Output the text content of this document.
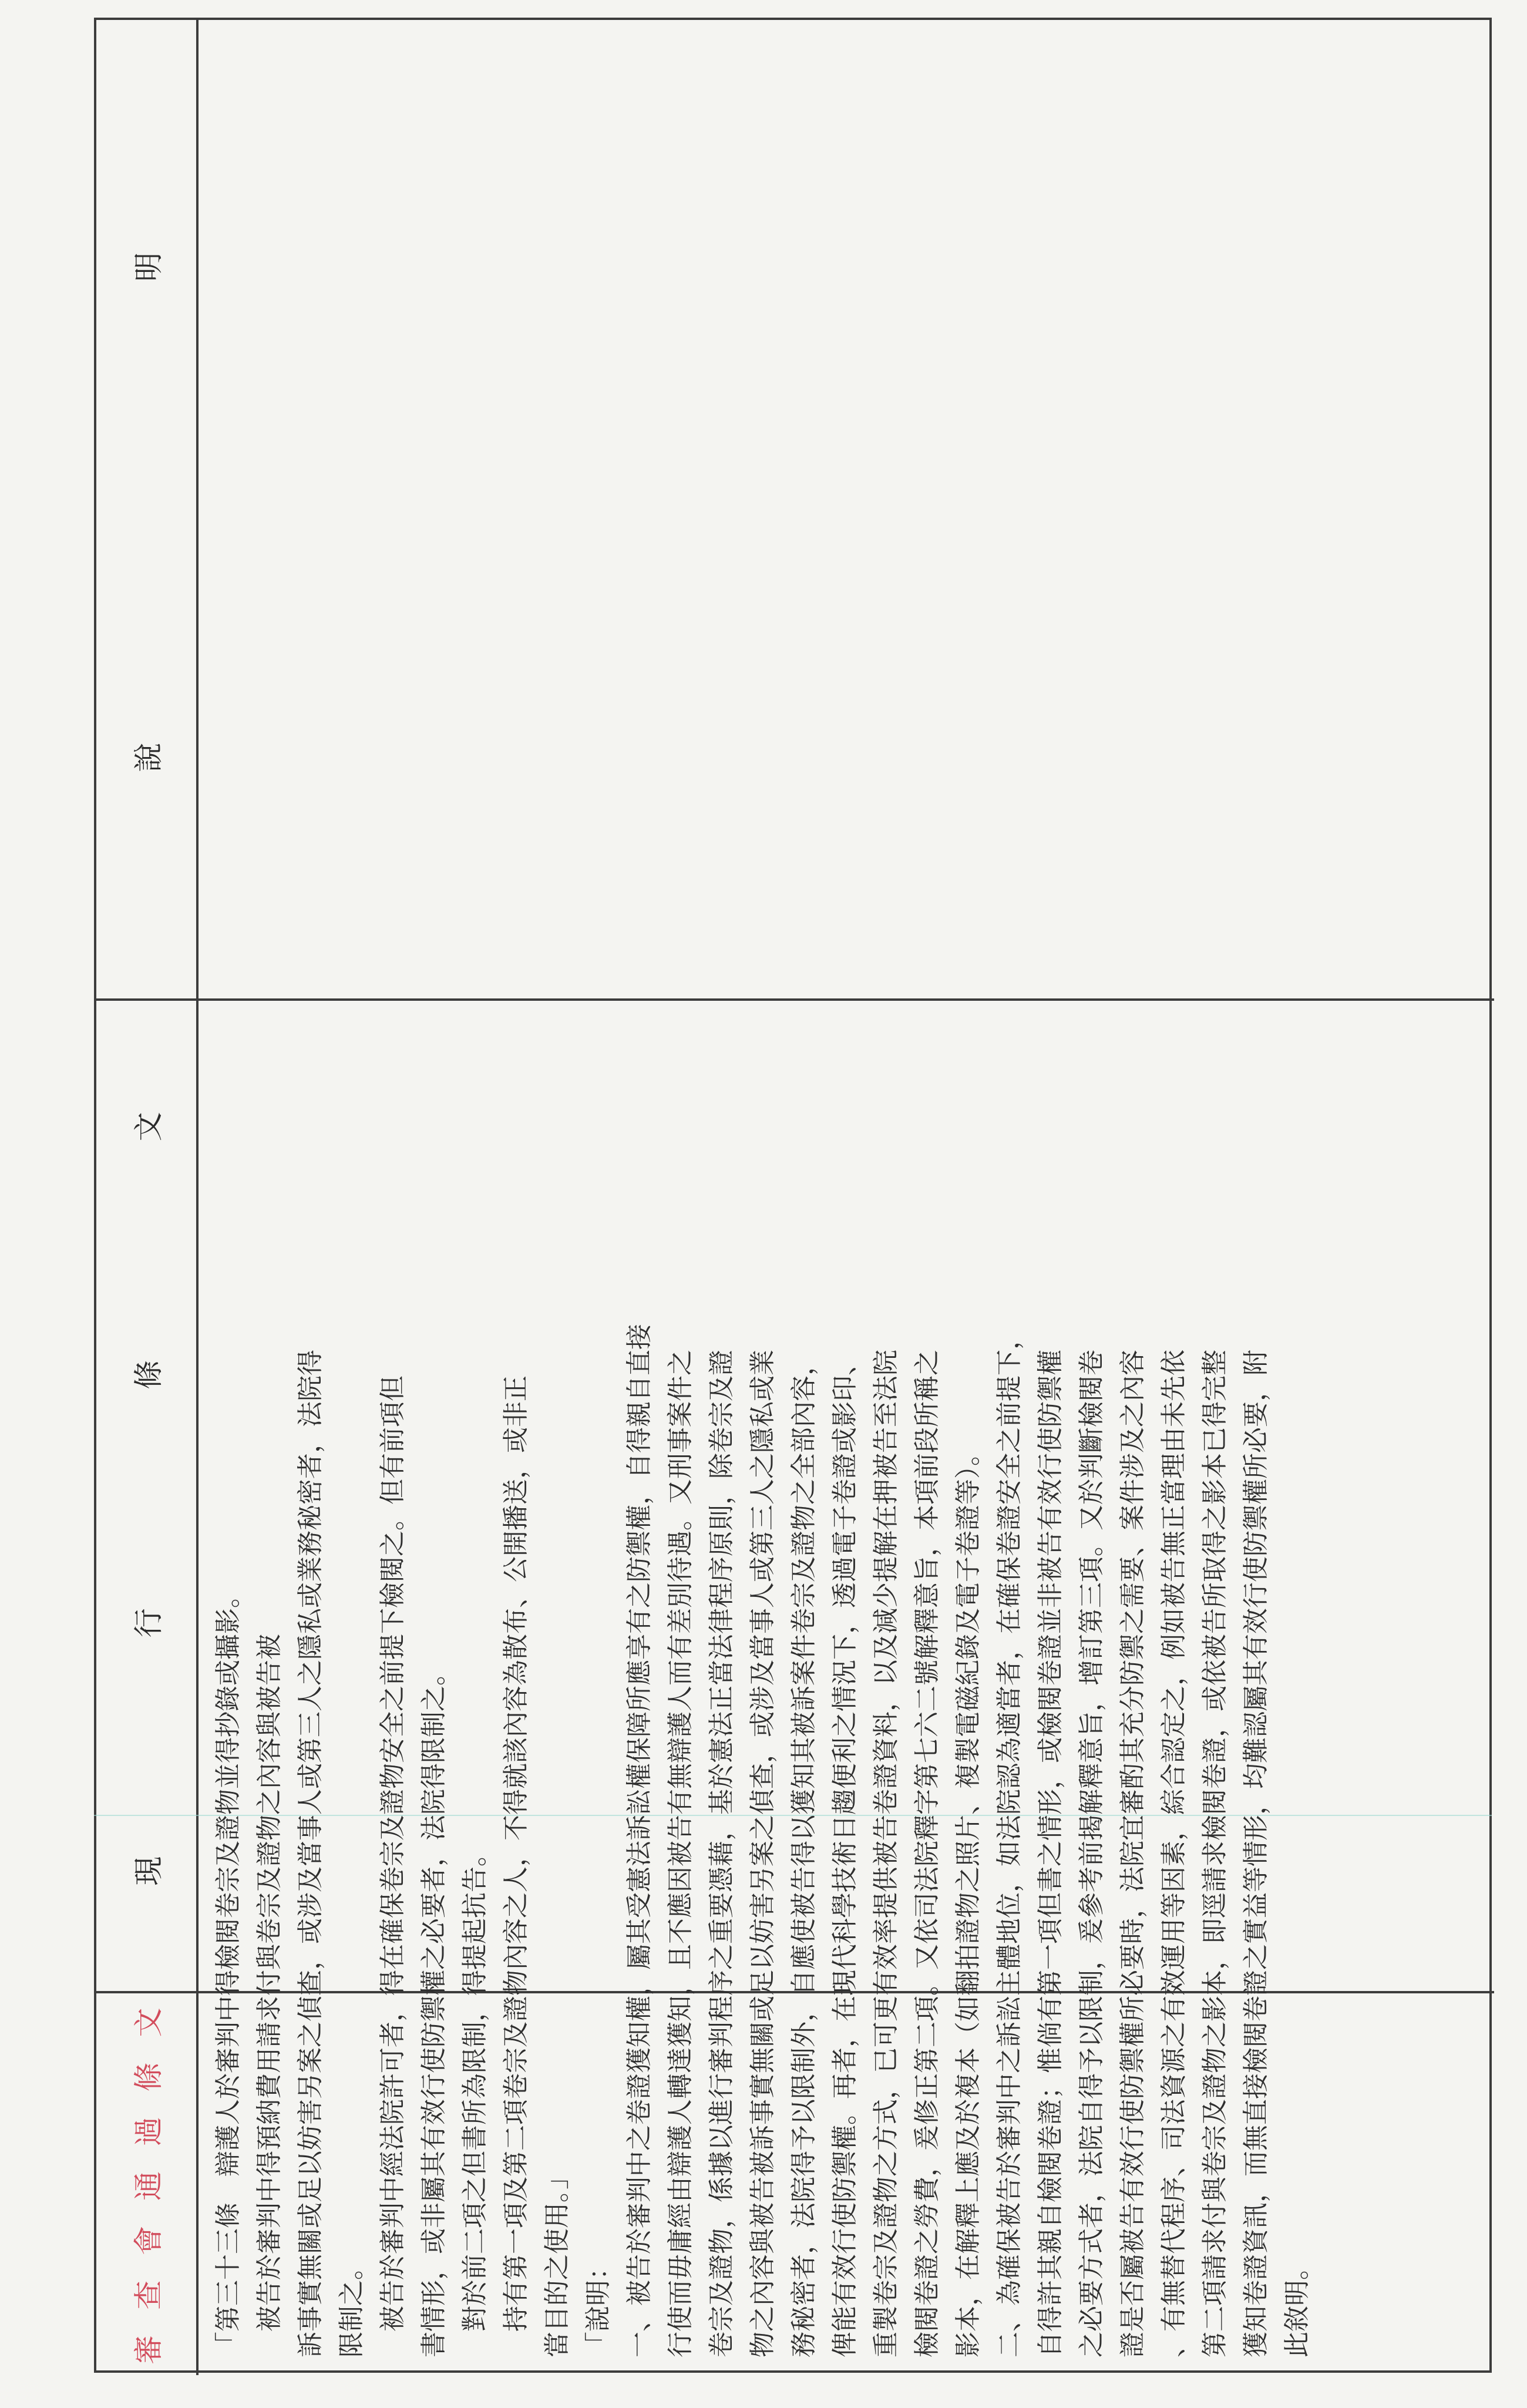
審
查
會
通
過
條
文
現
行
條
文
說
明
「第三十三條　辯護人於審判中得檢閱卷宗及證物並得抄錄或攝影。 　被告於審判中得預納費用請求付與卷宗及證物之內容與被告被 訴事實無關或足以妨害另案之偵查，或涉及當事人或第三人之隱私或業務秘密者，法院得 限制之。 　被告於審判中經法院許可者，得在確保卷宗及證物安全之前提下檢閱之。但有前項但 書情形，或非屬其有效行使防禦權之必要者，法院得限制之。 　對於前二項之但書所為限制，得提起抗告。 　持有第一項及第二項卷宗及證物內容之人，不得就該內容為散布、公開播送，或非正 當目的之使用。」 「說明： 一、被告於審判中之卷證獲知權，屬其受憲法訴訟權保障所應享有之防禦權，自得親自直接 行使而毋庸經由辯護人轉達獲知，且不應因被告有無辯護人而有差別待遇。又刑事案件之 卷宗及證物，係據以進行審判程序之重要憑藉，基於憲法正當法律程序原則，除卷宗及證 物之內容與被告被訴事實無關或足以妨害另案之偵查，或涉及當事人或第三人之隱私或業 務秘密者，法院得予以限制外，自應使被告得以獲知其被訴案件卷宗及證物之全部內容， 俾能有效行使防禦權。再者，在現代科學技術日趨便利之情況下，透過電子卷證或影印、 重製卷宗及證物之方式，已可更有效率提供被告卷證資料，以及減少提解在押被告至法院 檢閱卷證之勞費，爰修正第二項。又依司法院釋字第七六二號解釋意旨，本項前段所稱之 影本，在解釋上應及於複本（如翻拍證物之照片、複製電磁紀錄及電子卷證等）。 二、為確保被告於審判中之訴訟主體地位，如法院認為適當者，在確保卷證安全之前提下， 自得許其親自檢閱卷證；惟倘有第一項但書之情形，或檢閱卷證並非被告有效行使防禦權 之必要方式者，法院自得予以限制，爰參考前揭解釋意旨，增訂第三項。又於判斷檢閱卷 證是否屬被告有效行使防禦權所必要時，法院宜審酌其充分防禦之需要、案件涉及之內容 、有無替代程序、司法資源之有效運用等因素，綜合認定之，例如被告無正當理由未先依 第二項請求付與卷宗及證物之影本，即逕請求檢閱卷證，或依被告所取得之影本已得完整 獲知卷證資訊，而無直接檢閱卷證之實益等情形，均難認屬其有效行使防禦權所必要，附 此敘明。
